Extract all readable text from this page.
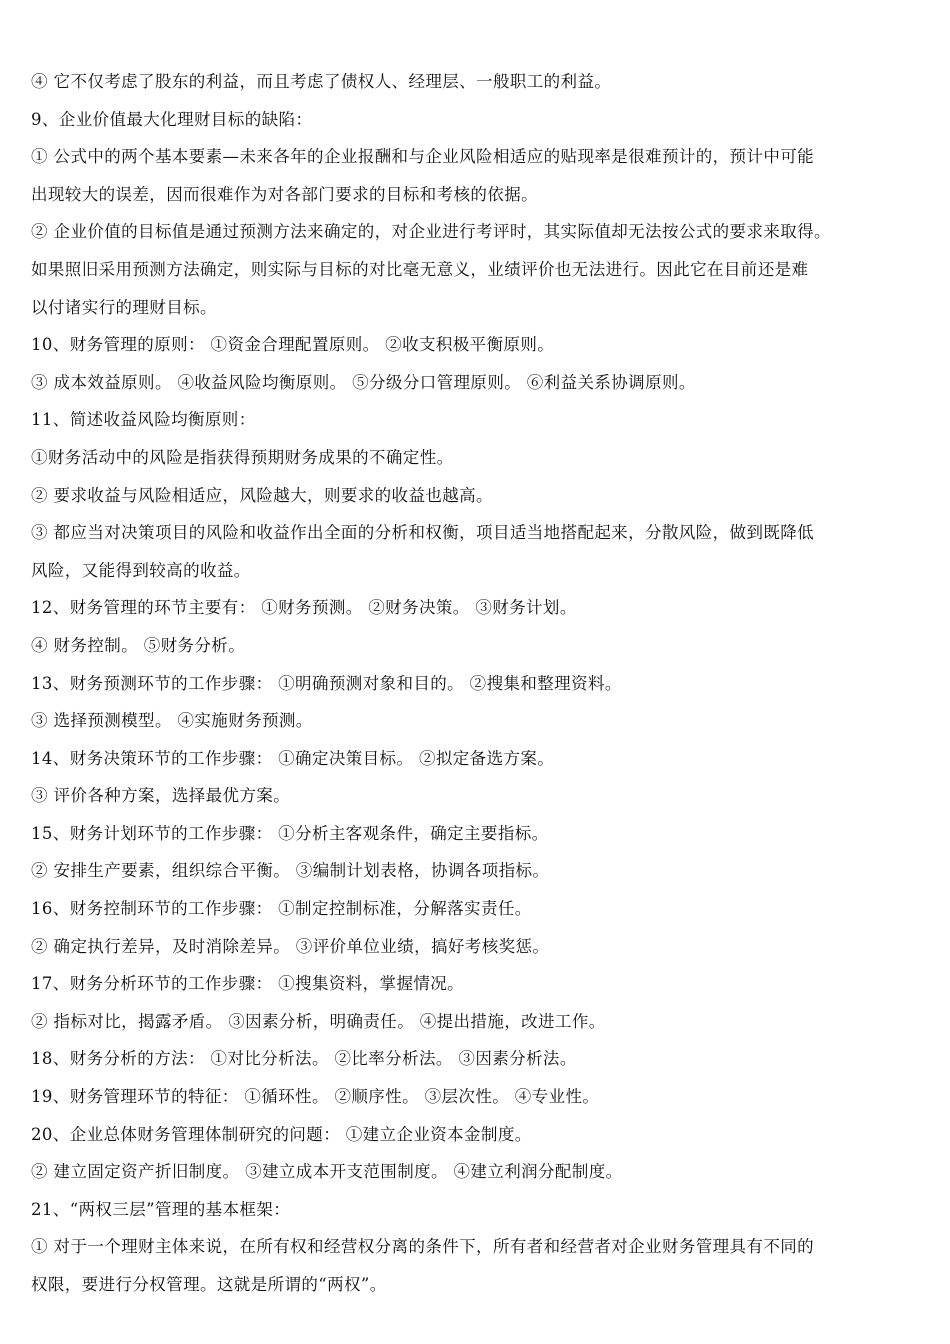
④ 它不仅考虑了股东的利益，而且考虑了债权人、经理层、一般职工的利益。
9、企业价值最大化理财目标的缺陷：
① 公式中的两个基本要素—未来各年的企业报酬和与企业风险相适应的贴现率是很难预计的，预计中可能
出现较大的误差，因而很难作为对各部门要求的目标和考核的依据。
② 企业价值的目标值是通过预测方法来确定的，对企业进行考评时，其实际值却无法按公式的要求来取得。
如果照旧采用预测方法确定，则实际与目标的对比毫无意义，业绩评价也无法进行。因此它在目前还是难
以付诸实行的理财目标。
10、财务管理的原则： ①资金合理配置原则。 ②收支积极平衡原则。
③ 成本效益原则。 ④收益风险均衡原则。 ⑤分级分口管理原则。 ⑥利益关系协调原则。
11、简述收益风险均衡原则：
①财务活动中的风险是指获得预期财务成果的不确定性。
② 要求收益与风险相适应，风险越大，则要求的收益也越高。
③ 都应当对决策项目的风险和收益作出全面的分析和权衡，项目适当地搭配起来，分散风险，做到既降低
风险，又能得到较高的收益。
12、财务管理的环节主要有： ①财务预测。 ②财务决策。 ③财务计划。
④ 财务控制。 ⑤财务分析。
13、财务预测环节的工作步骤： ①明确预测对象和目的。 ②搜集和整理资料。
③ 选择预测模型。 ④实施财务预测。
14、财务决策环节的工作步骤： ①确定决策目标。 ②拟定备选方案。
③ 评价各种方案，选择最优方案。
15、财务计划环节的工作步骤： ①分析主客观条件，确定主要指标。
② 安排生产要素，组织综合平衡。 ③编制计划表格，协调各项指标。
16、财务控制环节的工作步骤： ①制定控制标准，分解落实责任。
② 确定执行差异，及时消除差异。 ③评价单位业绩，搞好考核奖惩。
17、财务分析环节的工作步骤： ①搜集资料，掌握情况。
② 指标对比，揭露矛盾。 ③因素分析，明确责任。 ④提出措施，改进工作。
18、财务分析的方法： ①对比分析法。 ②比率分析法。 ③因素分析法。
19、财务管理环节的特征： ①循环性。 ②顺序性。 ③层次性。 ④专业性。
20、企业总体财务管理体制研究的问题： ①建立企业资本金制度。
② 建立固定资产折旧制度。 ③建立成本开支范围制度。 ④建立利润分配制度。
21、“两权三层”管理的基本框架：
① 对于一个理财主体来说，在所有权和经营权分离的条件下，所有者和经营者对企业财务管理具有不同的
权限，要进行分权管理。这就是所谓的“两权”。
